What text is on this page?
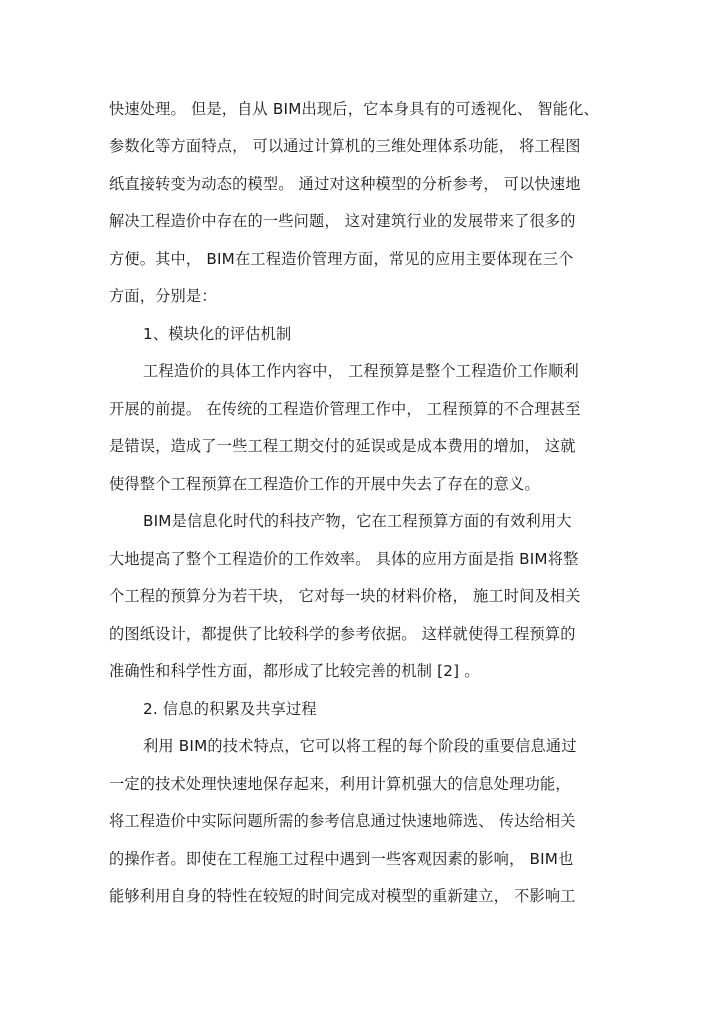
快速处理。 但是，自从 BIM出现后，它本身具有的可透视化、 智能化、
参数化等方面特点， 可以通过计算机的三维处理体系功能， 将工程图
纸直接转变为动态的模型。 通过对这种模型的分析参考， 可以快速地
解决工程造价中存在的一些问题， 这对建筑行业的发展带来了很多的
方便。其中， BIM在工程造价管理方面，常见的应用主要体现在三个
方面，分别是：
1、模块化的评估机制
工程造价的具体工作内容中， 工程预算是整个工程造价工作顺利
开展的前提。 在传统的工程造价管理工作中， 工程预算的不合理甚至
是错误，造成了一些工程工期交付的延误或是成本费用的增加， 这就
使得整个工程预算在工程造价工作的开展中失去了存在的意义。
BIM是信息化时代的科技产物，它在工程预算方面的有效利用大
大地提高了整个工程造价的工作效率。 具体的应用方面是指 BIM将整
个工程的预算分为若干块， 它对每一块的材料价格， 施工时间及相关
的图纸设计，都提供了比较科学的参考依据。 这样就使得工程预算的
准确性和科学性方面，都形成了比较完善的机制 [2] 。
2. 信息的积累及共享过程
利用 BIM的技术特点，它可以将工程的每个阶段的重要信息通过
一定的技术处理快速地保存起来，利用计算机强大的信息处理功能，
将工程造价中实际问题所需的参考信息通过快速地筛选、 传达给相关
的操作者。即使在工程施工过程中遇到一些客观因素的影响， BIM也
能够利用自身的特性在较短的时间完成对模型的重新建立， 不影响工
